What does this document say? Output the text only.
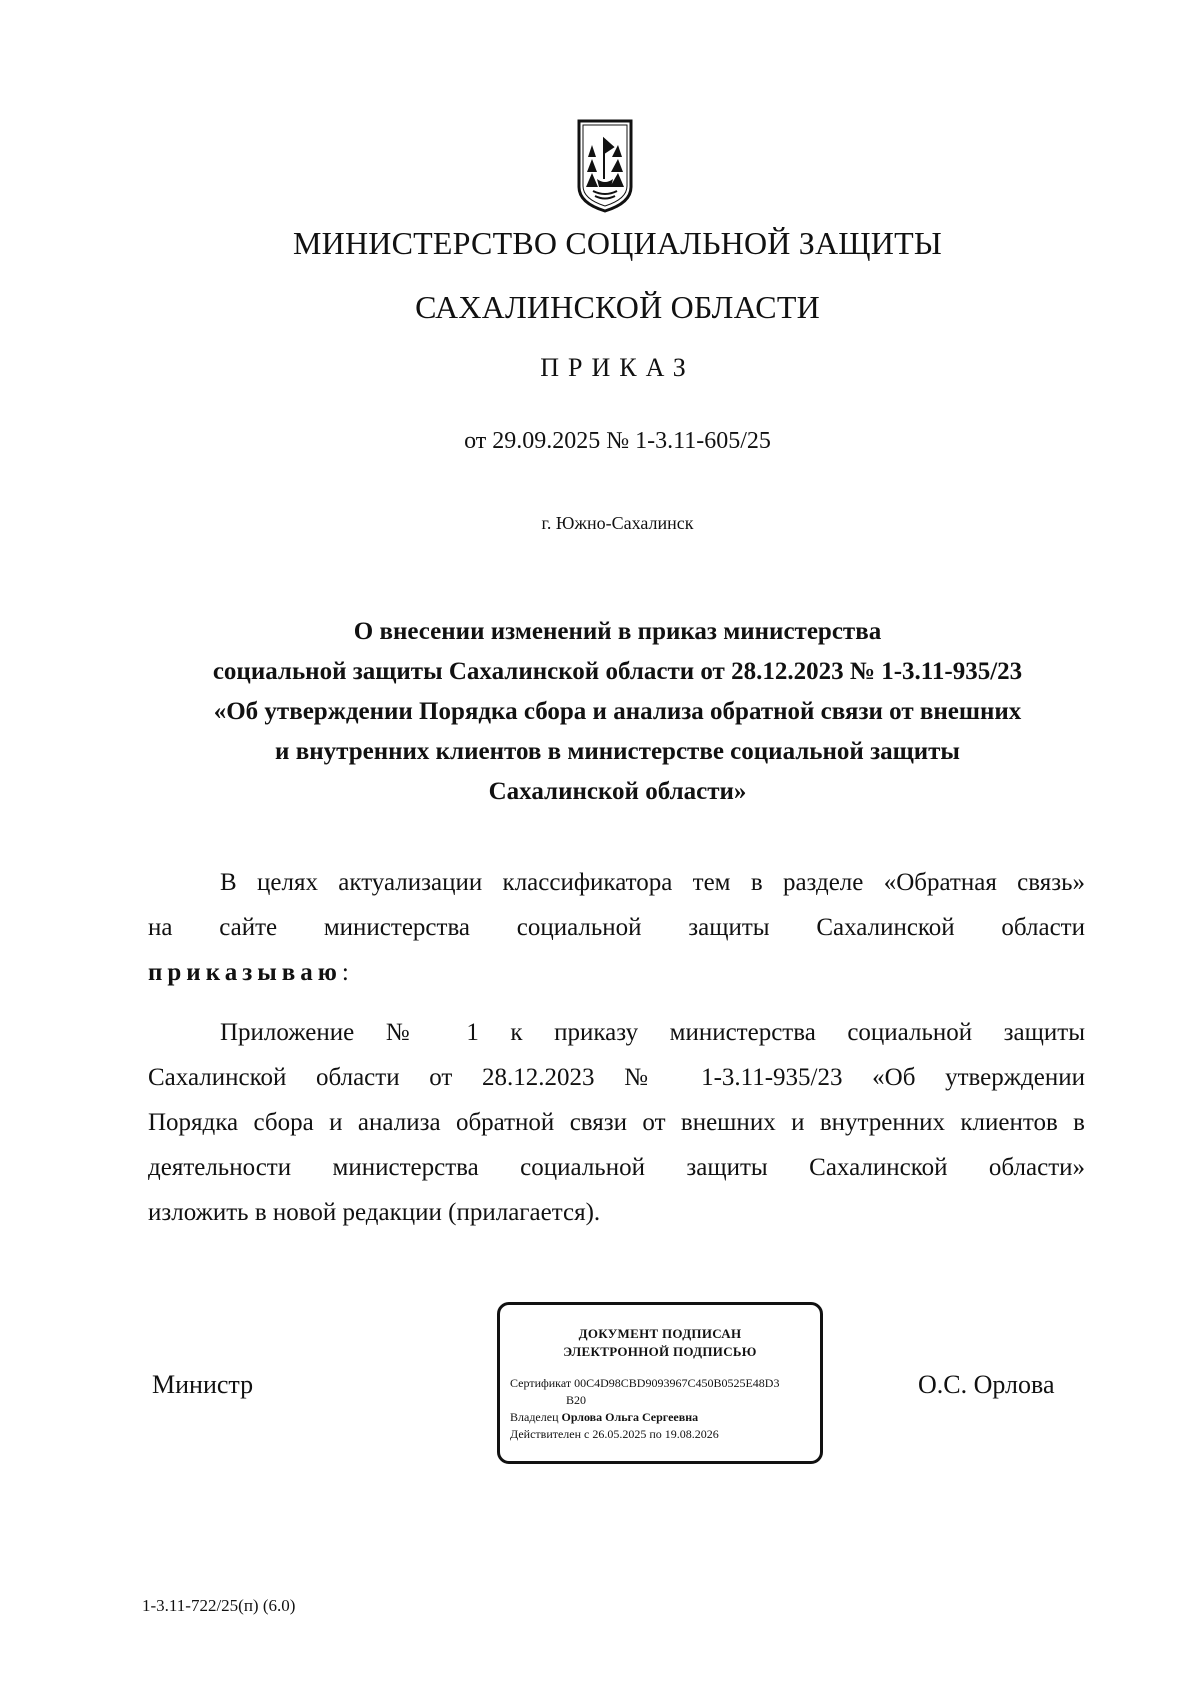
МИНИСТЕРСТВО СОЦИАЛЬНОЙ ЗАЩИТЫ
САХАЛИНСКОЙ ОБЛАСТИ
ПРИКАЗ
от 29.09.2025 № 1-3.11-605/25
г. Южно-Сахалинск
О внесении изменений в приказ министерства
социальной защиты Сахалинской области от 28.12.2023 № 1-3.11-935/23
«Об утверждении Порядка сбора и анализа обратной связи от внешних
и внутренних клиентов в министерстве социальной защиты
Сахалинской области»
В целях актуализации классификатора тем в разделе «Обратная связь»
на сайте министерства социальной защиты Сахалинской области
приказываю:
Приложение № 1 к приказу министерства социальной защиты
Сахалинской области от 28.12.2023 № 1-3.11-935/23 «Об утверждении
Порядка сбора и анализа обратной связи от внешних и внутренних клиентов в
деятельности министерства социальной защиты Сахалинской области»
изложить в новой редакции (прилагается).
Министр
ДОКУМЕНТ ПОДПИСАН
ЭЛЕКТРОННОЙ ПОДПИСЬЮ
Сертификат 00C4D98CBD9093967C450B0525E48D3
B20
Владелец Орлова Ольга Сергеевна
Действителен с 26.05.2025 по 19.08.2026
О.С. Орлова
1-3.11-722/25(п) (6.0)
